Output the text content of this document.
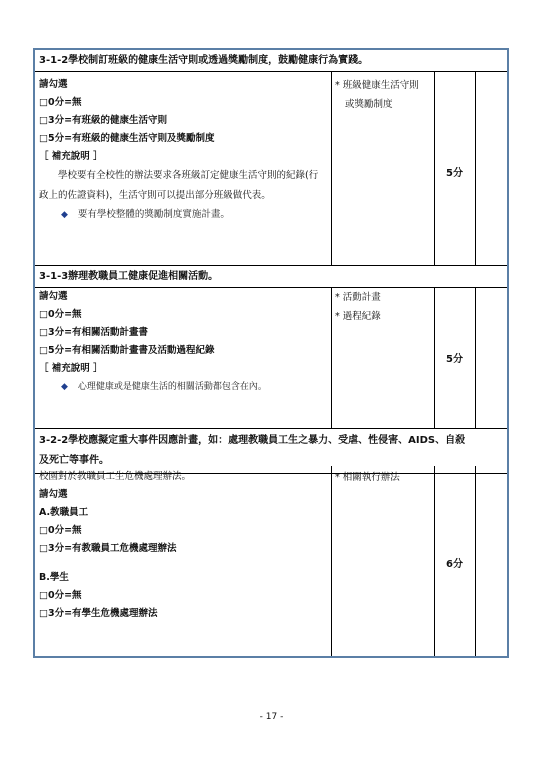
3-1-2學校制訂班級的健康生活守則或透過獎勵制度，鼓勵健康行為實踐。
請勾選
□0分=無
□3分=有班級的健康生活守則
□5分=有班級的健康生活守則及獎勵制度
［ 補充說明 ］
學校要有全校性的辦法要求各班級訂定健康生活守則的紀錄(行政上的佐證資料)，生活守則可以提出部分班級做代表。
◆ 要有學校整體的獎勵制度實施計畫。
* 班級健康生活守則
或獎勵制度
5分
3-1-3辦理教職員工健康促進相關活動。
請勾選
□0分=無
□3分=有相關活動計畫書
□5分=有相關活動計畫書及活動過程紀錄
［ 補充說明 ］
◆ 心理健康或是健康生活的相關活動都包含在內。
* 活動計畫
* 過程紀錄
5分
3-2-2學校應擬定重大事件因應計畫，如：處理教職員工生之暴力、受虐、性侵害、AIDS、自殺
及死亡等事件。
校園對於教職員工生危機處理辦法。
請勾選
A.教職員工
□0分=無
□3分=有教職員工危機處理辦法
B.學生
□0分=無
□3分=有學生危機處理辦法
* 相關執行辦法
6分
- 17 -
